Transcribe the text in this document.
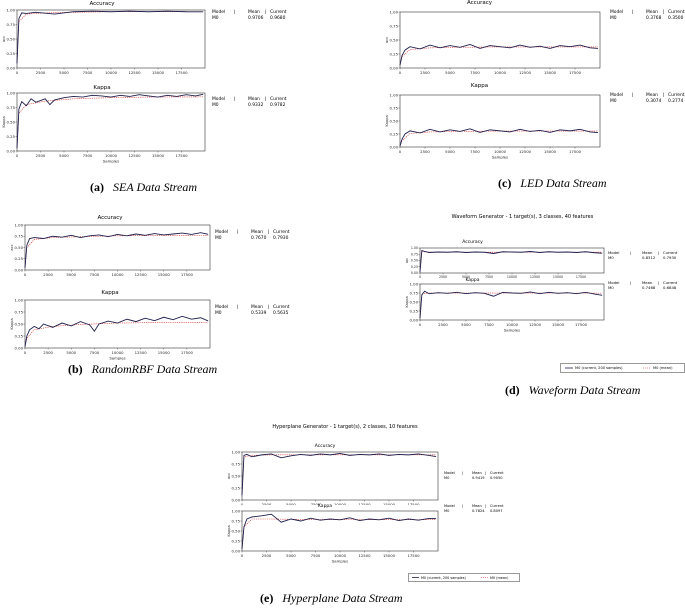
Accuracy
0	2500	5000	7500	10000	12500	15000	17500
0.00
0.25
0.50
0.75
1.00
acc
Model |	Mean | Current
M0	0.9706 0.9680
Kappa
0	2500	5000	7500	10000	12500	15000	17500
0.00
0.25
0.50
0.75
1.00
Kappa
Samples
Model |	Mean | Current
M0	0.9332 0.9782
(a) SEA Data Stream
Accuracy
0	2500	5000	7500	10000	12500	15000	17500
0.00
0.25
0.50
0.75
1.00
acc
Model |	Mean | Current
M0	0.3768 0.3500
Kappa
0	2500	5000	7500	10000	12500	15000	17500
0.00
0.25
0.50
0.75
1.00
Kappa
Samples
Model |	Mean | Current
M0	0.3074 0.2774
(c) LED Data Stream
Accuracy
0	2500	5000	7500	10000	12500	15000	17500
0.00
0.25
0.50
0.75
1.00
acc
Model |	Mean | Current
M0	0.7670 0.7930
Kappa
0	2500	5000	7500	10000	12500	15000	17500
0.00
0.25
0.50
0.75
1.00
Kappa
Samples
Model |	Mean | Current
M0	0.5339 0.5635
(b) RandomRBF Data Stream
Waveform Generator - 1 target(s), 3 classes, 40 features
Accuracy
0	2500	5000	7500	10000	12500	15000	17500
0.00
0.25
0.50
0.75
1.00
acc
Model	|	Mean | Current
M0	0.8312 0.7930
Kappa
0	2500	5000	7500	10000	12500	15000	17500
0.00
0.25
0.50
0.75
1.00
Kappa
Samples
Model	|	Mean | Current
M0	0.7468 0.6848
M0 (current, 200 samples)	M0 (mean)
(d) Waveform Data Stream
Hyperplane Generator - 1 target(s), 2 classes, 10 features
Accuracy
0	2500	5000	7500	10000	12500	15000	17500
0.00
0.25
0.50
0.75
1.00
acc	Model | Mean | Current
M0	0.9419 0.9050
Kappa
0	2500	5000	7500	10000	12500	15000	17500
0.00
0.25
0.50
0.75
1.00
Kappa
Samples
Model | Mean | Current
M0	0.7824 0.8097
M0 (current, 200 samples)	M0 (mean)
(e) Hyperplane Data Stream
